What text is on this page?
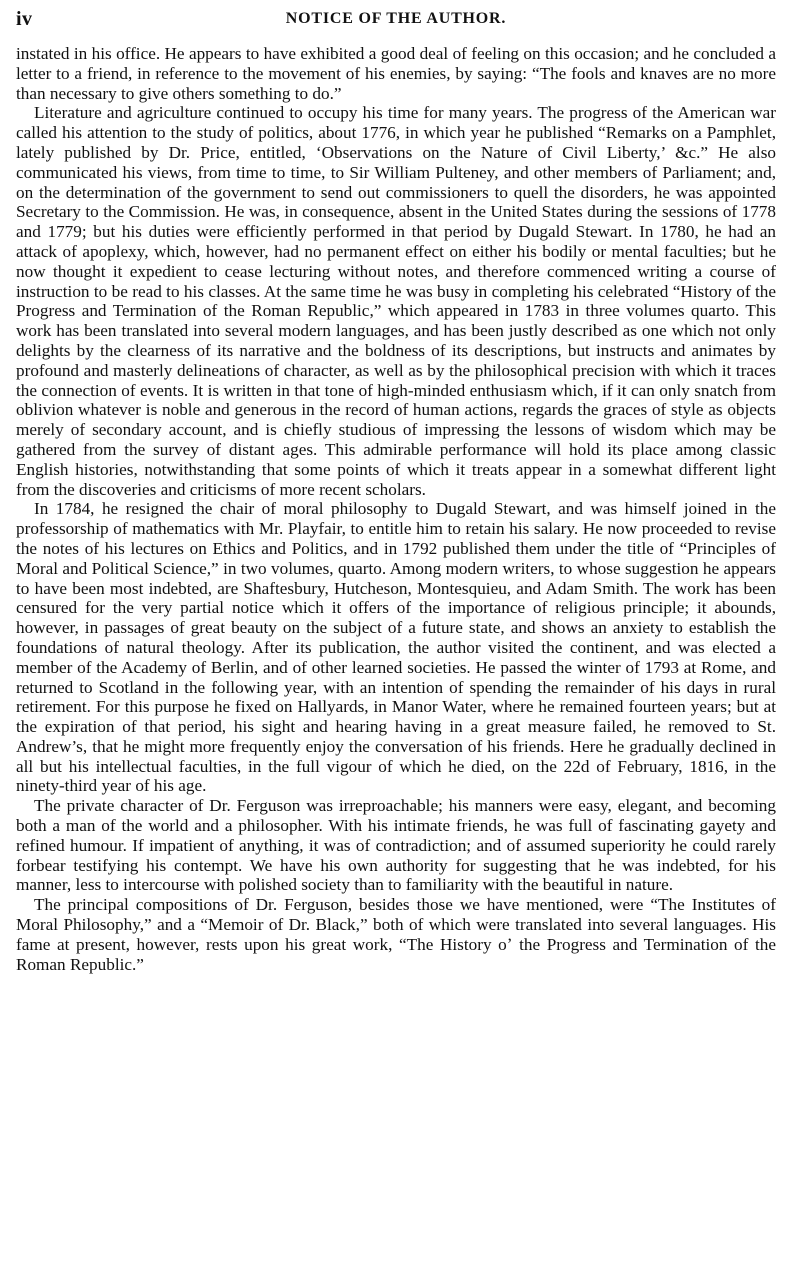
iv	NOTICE OF THE AUTHOR.

instated in his office. He appears to have exhibited a good deal of feeling on this occasion; and he concluded a letter to a friend, in reference to the movement of his enemies, by saying: “The fools and knaves are no more than necessary to give others something to do.”

Literature and agriculture continued to occupy his time for many years. The progress of the American war called his attention to the study of politics, about 1776, in which year he published “Remarks on a Pamphlet, lately published by Dr. Price, entitled, ‘Observations on the Nature of Civil Liberty,’ &c.” He also communicated his views, from time to time, to Sir William Pulteney, and other members of Parliament; and, on the determination of the government to send out commissioners to quell the disorders, he was appointed Secretary to the Commission. He was, in consequence, absent in the United States during the sessions of 1778 and 1779; but his duties were efficiently performed in that period by Dugald Stewart. In 1780, he had an attack of apoplexy, which, however, had no permanent effect on either his bodily or mental faculties; but he now thought it expedient to cease lecturing without notes, and therefore commenced writing a course of instruction to be read to his classes. At the same time he was busy in completing his celebrated “History of the Progress and Termination of the Roman Republic,” which appeared in 1783 in three volumes quarto. This work has been translated into several modern languages, and has been justly described as one which not only delights by the clearness of its narrative and the boldness of its descriptions, but instructs and animates by profound and masterly delineations of character, as well as by the philosophical precision with which it traces the connection of events. It is written in that tone of high-minded enthusiasm which, if it can only snatch from oblivion whatever is noble and generous in the record of human actions, regards the graces of style as objects merely of secondary account, and is chiefly studious of impressing the lessons of wisdom which may be gathered from the survey of distant ages. This admirable performance will hold its place among classic English histories, notwithstanding that some points of which it treats appear in a somewhat different light from the discoveries and criticisms of more recent scholars.

In 1784, he resigned the chair of moral philosophy to Dugald Stewart, and was himself joined in the professorship of mathematics with Mr. Playfair, to entitle him to retain his salary. He now proceeded to revise the notes of his lectures on Ethics and Politics, and in 1792 published them under the title of “Principles of Moral and Political Science,” in two volumes, quarto. Among modern writers, to whose suggestion he appears to have been most indebted, are Shaftesbury, Hutcheson, Montesquieu, and Adam Smith. The work has been censured for the very partial notice which it offers of the importance of religious principle; it abounds, however, in passages of great beauty on the subject of a future state, and shows an anxiety to establish the foundations of natural theology. After its publication, the author visited the continent, and was elected a member of the Academy of Berlin, and of other learned societies. He passed the winter of 1793 at Rome, and returned to Scotland in the following year, with an intention of spending the remainder of his days in rural retirement. For this purpose he fixed on Hallyards, in Manor Water, where he remained fourteen years; but at the expiration of that period, his sight and hearing having in a great measure failed, he removed to St. Andrew’s, that he might more frequently enjoy the conversation of his friends. Here he gradually declined in all but his intellectual faculties, in the full vigour of which he died, on the 22d of February, 1816, in the ninety-third year of his age.

The private character of Dr. Ferguson was irreproachable; his manners were easy, elegant, and becoming both a man of the world and a philosopher. With his intimate friends, he was full of fascinating gayety and refined humour. If impatient of anything, it was of contradiction; and of assumed superiority he could rarely forbear testifying his contempt. We have his own authority for suggesting that he was indebted, for his manner, less to intercourse with polished society than to familiarity with the beautiful in nature.

The principal compositions of Dr. Ferguson, besides those we have mentioned, were “The Institutes of Moral Philosophy,” and a “Memoir of Dr. Black,” both of which were translated into several languages. His fame at present, however, rests upon his great work, “The History oʼ the Progress and Termination of the Roman Republic.”
